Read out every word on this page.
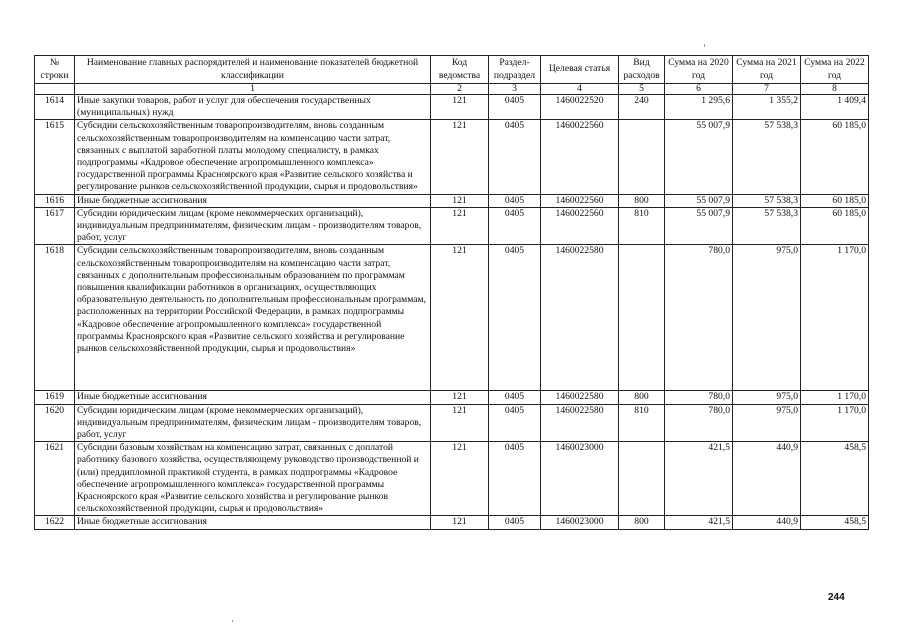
№ строки	Наименование главных распорядителей и наименование показателей бюджетной классификации	Код ведомства	Раздел-подраздел	Целевая статья	Вид расходов	Сумма на 2020 год	Сумма на 2021 год	Сумма на 2022 год
	1	2	3	4	5	6	7	8
1614	Иные закупки товаров, работ и услуг для обеспечения государственных (муниципальных) нужд	121	0405	1460022520	240	1 295,6	1 355,2	1 409,4
1615	Субсидии сельскохозяйственным товаропроизводителям, вновь созданным сельскохозяйственным товаропроизводителям на компенсацию части затрат, связанных с выплатой заработной платы молодому специалисту, в рамках подпрограммы «Кадровое обеспечение агропромышленного комплекса» государственной программы Красноярского края «Развитие сельского хозяйства и регулирование рынков сельскохозяйственной продукции, сырья и продовольствия»	121	0405	1460022560		55 007,9	57 538,3	60 185,0
1616	Иные бюджетные ассигнования	121	0405	1460022560	800	55 007,9	57 538,3	60 185,0
1617	Субсидии юридическим лицам (кроме некоммерческих организаций), индивидуальным предпринимателям, физическим лицам - производителям товаров, работ, услуг	121	0405	1460022560	810	55 007,9	57 538,3	60 185,0
1618	Субсидии сельскохозяйственным товаропроизводителям, вновь созданным сельскохозяйственным товаропроизводителям на компенсацию части затрат, связанных с дополнительным профессиональным образованием по программам повышения квалификации работников в организациях, осуществляющих образовательную деятельность по дополнительным профессиональным программам, расположенных на территории Российской Федерации, в рамках подпрограммы «Кадровое обеспечение агропромышленного комплекса» государственной программы Красноярского края «Развитие сельского хозяйства и регулирование рынков сельскохозяйственной продукции, сырья и продовольствия»	121	0405	1460022580		780,0	975,0	1 170,0
1619	Иные бюджетные ассигнования	121	0405	1460022580	800	780,0	975,0	1 170,0
1620	Субсидии юридическим лицам (кроме некоммерческих организаций), индивидуальным предпринимателям, физическим лицам - производителям товаров, работ, услуг	121	0405	1460022580	810	780,0	975,0	1 170,0
1621	Субсидии базовым хозяйствам на компенсацию затрат, связанных с доплатой работнику базового хозяйства, осуществляющему руководство производственной и (или) преддипломной практикой студента, в рамках подпрограммы «Кадровое обеспечение агропромышленного комплекса» государственной программы Красноярского края «Развитие сельского хозяйства и регулирование рынков сельскохозяйственной продукции, сырья и продовольствия»	121	0405	1460023000		421,5	440,9	458,5
1622	Иные бюджетные ассигнования	121	0405	1460023000	800	421,5	440,9	458,5
244
